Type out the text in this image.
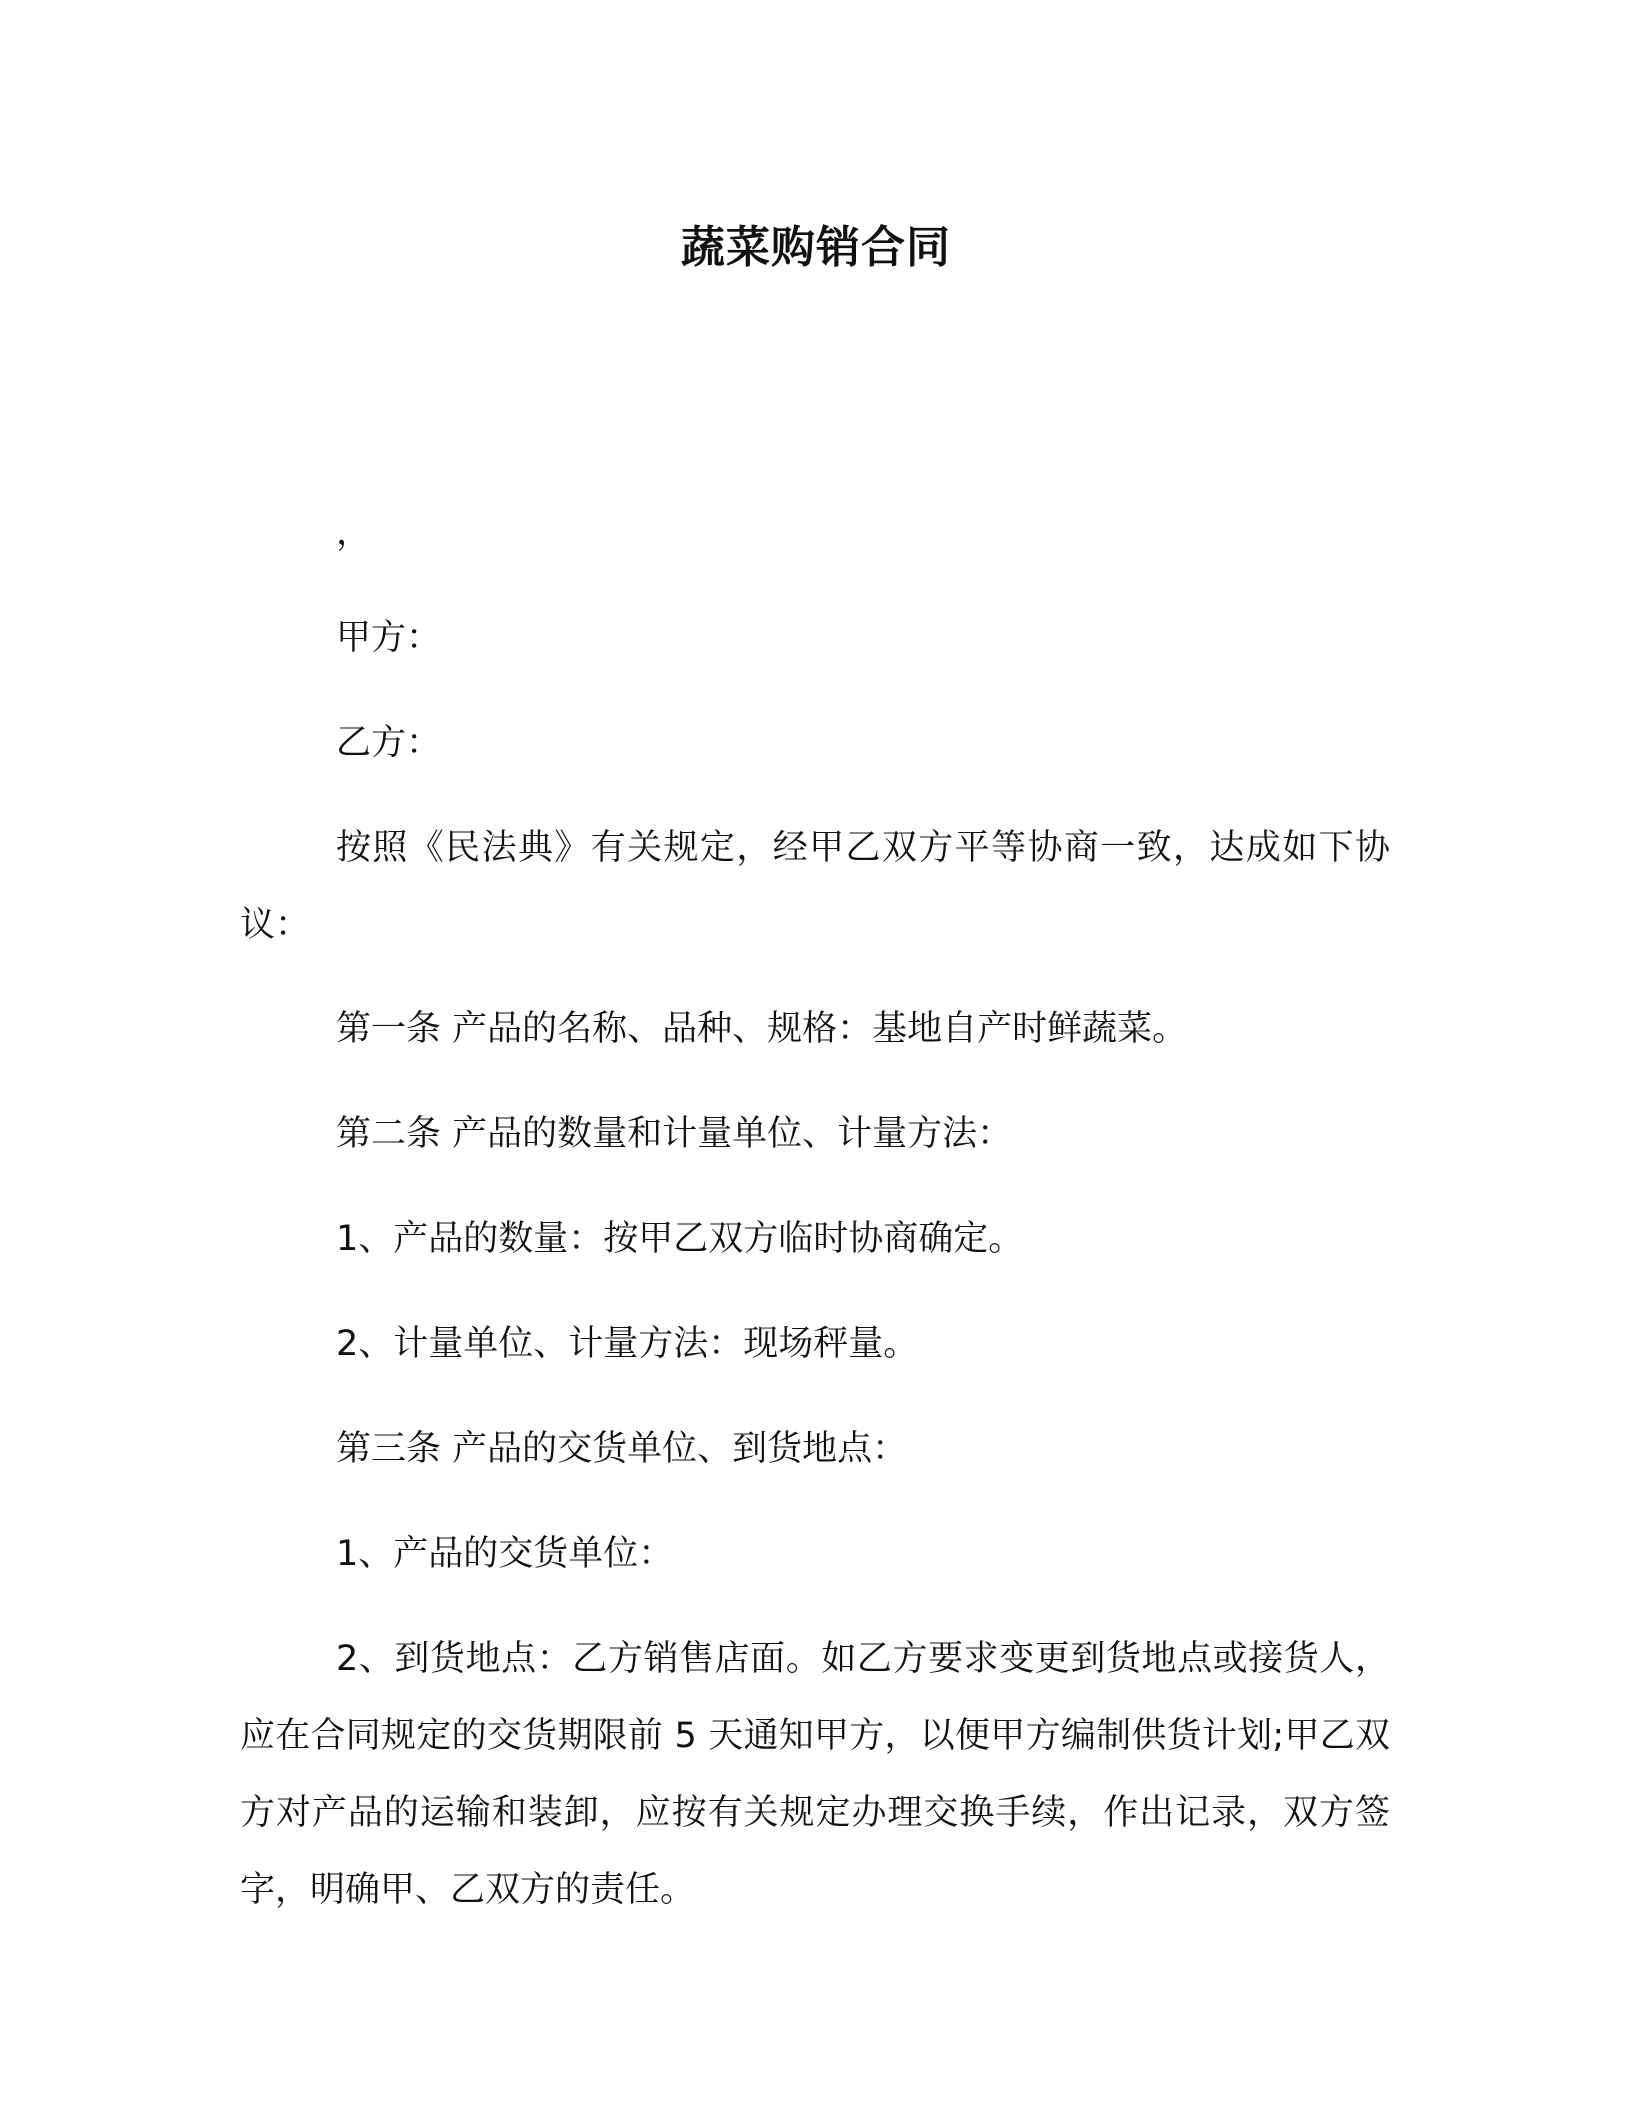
蔬菜购销合同

，

甲方：

乙方：

按照《民法典》有关规定，经甲乙双方平等协商一致，达成如下协议：

第一条 产品的名称、品种、规格：基地自产时鲜蔬菜。

第二条 产品的数量和计量单位、计量方法：

1、产品的数量：按甲乙双方临时协商确定。

2、计量单位、计量方法：现场秤量。

第三条 产品的交货单位、到货地点：

1、产品的交货单位：

2、到货地点：乙方销售店面。如乙方要求变更到货地点或接货人，应在合同规定的交货期限前 5 天通知甲方，以便甲方编制供货计划;甲乙双方对产品的运输和装卸，应按有关规定办理交换手续，作出记录，双方签字，明确甲、乙双方的责任。
